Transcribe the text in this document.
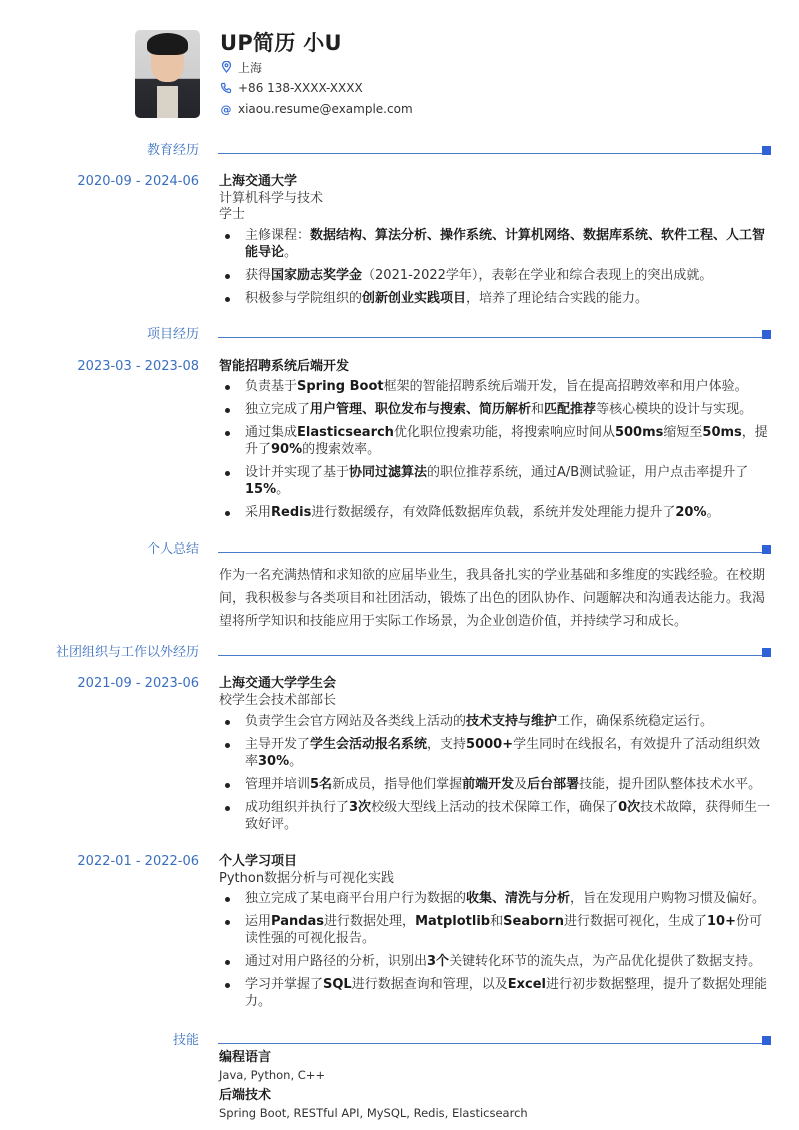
UP简历 小U
上海
+86 138-XXXX-XXXX
@ xiaou.resume@example.com
教育经历
2020-09 - 2024-06 上海交通大学
计算机科学与技术
学士
主修课程：数据结构、算法分析、操作系统、计算机网络、数据库系统、软件工程、人工智能导论。
获得国家励志奖学金（2021-2022学年），表彰在学业和综合表现上的突出成就。
积极参与学院组织的创新创业实践项目，培养了理论结合实践的能力。
项目经历
2023-03 - 2023-08 智能招聘系统后端开发
负责基于Spring Boot框架的智能招聘系统后端开发，旨在提高招聘效率和用户体验。
独立完成了用户管理、职位发布与搜索、简历解析和匹配推荐等核心模块的设计与实现。
通过集成Elasticsearch优化职位搜索功能，将搜索响应时间从500ms缩短至50ms，提升了90%的搜索效率。
设计并实现了基于协同过滤算法的职位推荐系统，通过A/B测试验证，用户点击率提升了15%。
采用Redis进行数据缓存，有效降低数据库负载，系统并发处理能力提升了20%。
个人总结
作为一名充满热情和求知欲的应届毕业生，我具备扎实的学业基础和多维度的实践经验。在校期间，我积极参与各类项目和社团活动，锻炼了出色的团队协作、问题解决和沟通表达能力。我渴望将所学知识和技能应用于实际工作场景，为企业创造价值，并持续学习和成长。
社团组织与工作以外经历
2021-09 - 2023-06 上海交通大学学生会
校学生会技术部部长
负责学生会官方网站及各类线上活动的技术支持与维护工作，确保系统稳定运行。
主导开发了学生会活动报名系统，支持5000+学生同时在线报名，有效提升了活动组织效率30%。
管理并培训5名新成员，指导他们掌握前端开发及后台部署技能，提升团队整体技术水平。
成功组织并执行了3次校级大型线上活动的技术保障工作，确保了0次技术故障，获得师生一致好评。
2022-01 - 2022-06 个人学习项目
Python数据分析与可视化实践
独立完成了某电商平台用户行为数据的收集、清洗与分析，旨在发现用户购物习惯及偏好。
运用Pandas进行数据处理，Matplotlib和Seaborn进行数据可视化，生成了10+份可读性强的可视化报告。
通过对用户路径的分析，识别出3个关键转化环节的流失点，为产品优化提供了数据支持。
学习并掌握了SQL进行数据查询和管理，以及Excel进行初步数据整理，提升了数据处理能力。
技能
编程语言
Java, Python, C++
后端技术
Spring Boot, RESTful API, MySQL, Redis, Elasticsearch
